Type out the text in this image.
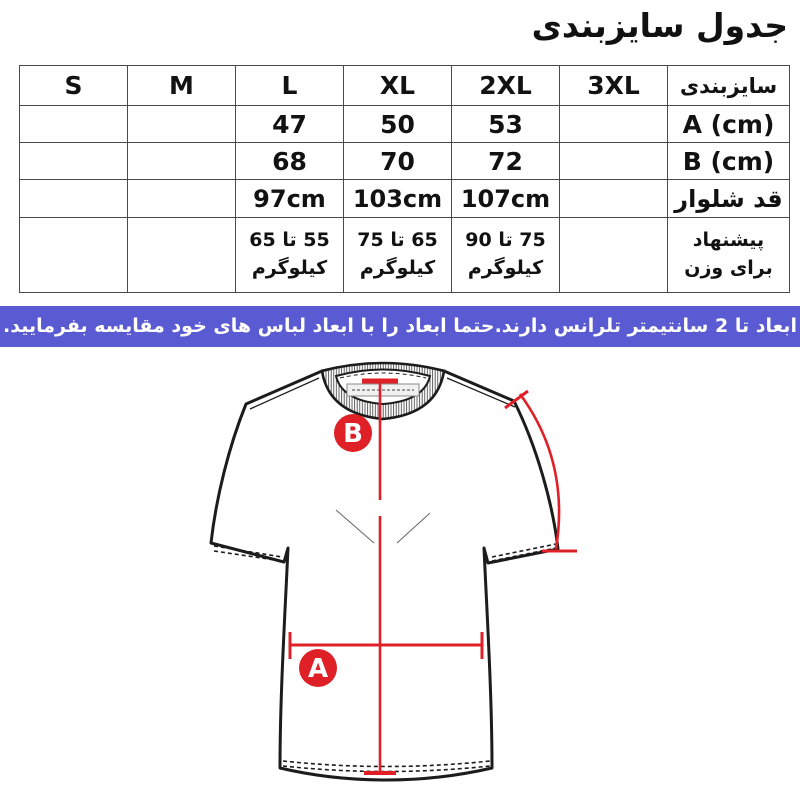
جدول سایزبندی
S	M	L	XL	2XL	3XL	سایزبندی
		47	50	53		A (cm)
		68	70	72		B (cm)
		97cm	103cm	107cm		قد شلوار
		55 تا 65 کیلوگرم	65 تا 75 کیلوگرم	75 تا 90 کیلوگرم		پیشنهاد برای وزن
ابعاد تا 2 سانتیمتر تلرانس دارند.حتما ابعاد را با ابعاد لباس های خود مقایسه بفرمایید.
B
A
